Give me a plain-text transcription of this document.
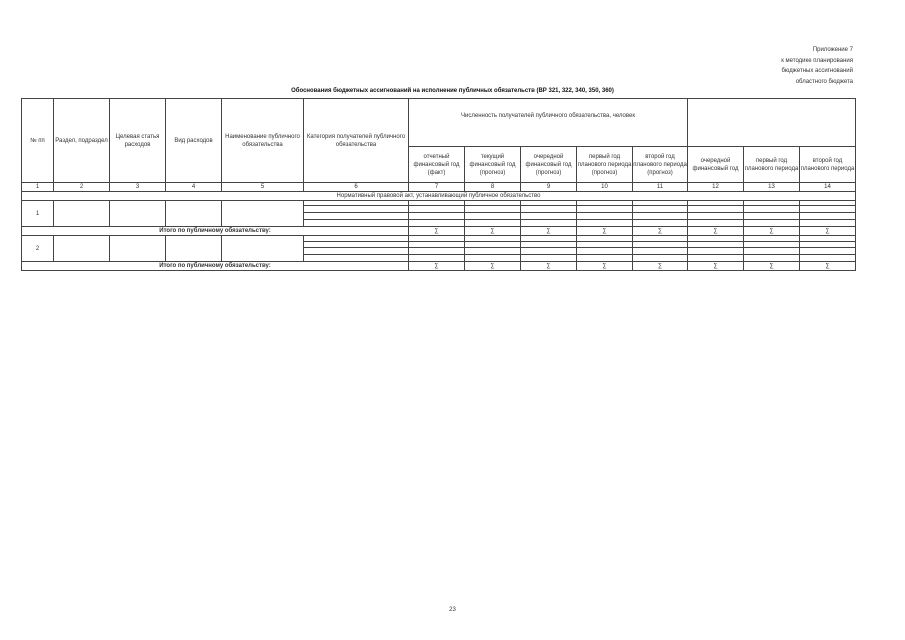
Приложение 7
к методике планирования
бюджетных ассигнований
областного бюджета
Обоснования бюджетных ассигнований на исполнение публичных обязательств (ВР 321, 322, 340, 350, 360)
№ пп	Раздел, подраздел	Целевая статья расходов	Вид расходов	Наименование публичного обязательства	Категория получателей публичного обязательства	Численность получателей публичного обязательства, человек							
						отчетный финансовый год (факт)	текущий финансовый год (прогноз)	очередной финансовый год (прогноз)	первый год планового периода (прогноз)	второй год планового периода (прогноз)	очередной финансовый год	первый год планового периода	второй год планового периода
1	2	3	4	5	6	7	8	9	10	11	12	13	14
Нормативный правовой акт, устанавливающий публичное обязательство													
1													

Итого по публичному обязательству:						∑	∑	∑	∑	∑	∑	∑	∑
2													

Итого по публичному обязательству:						∑	∑	∑	∑	∑	∑	∑	∑
23
